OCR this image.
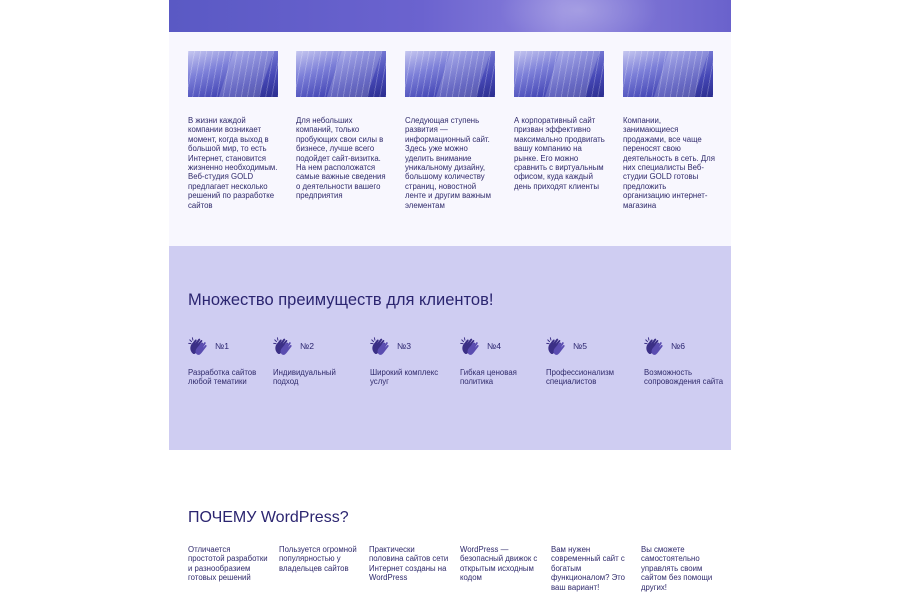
В жизни каждой компании возникает момент, когда выход в большой мир, то есть Интернет, становится жизненно необходимым. Веб-студия GOLD предлагает несколько решений по разработке сайтов
Для небольших компаний, только пробующих свои силы в бизнесе, лучше всего подойдет сайт-визитка. На нем расположатся самые важные сведения о деятельности вашего предприятия
Следующая ступень развития — информационный сайт. Здесь уже можно уделить внимание уникальному дизайну, большому количеству страниц, новостной ленте и другим важным элементам
А корпоративный сайт призван эффективно максимально продвигать вашу компанию на рынке. Его можно сравнить с виртуальным офисом, куда каждый день приходят клиенты
Компании, занимающиеся продажами, все чаще переносят свою деятельность в сеть. Для них специалисты Веб-студии GOLD готовы предложить организацию интернет-магазина
Множество преимуществ для клиентов!
№1
Разработка сайтов любой тематики
№2
Индивидуальный подход
№3
Широкий комплекс услуг
№4
Гибкая ценовая политика
№5
Профессионализм специалистов
№6
Возможность сопровождения сайта
ПОЧЕМУ WordPress?
Отличается простотой разработки и разнообразием готовых решений
Пользуется огромной популярностью у владельцев сайтов
Практически половина сайтов сети Интернет созданы на WordPress
WordPress — безопасный движок с открытым исходным кодом
Вам нужен современный сайт с богатым функционалом? Это ваш вариант!
Вы сможете самостоятельно управлять своим сайтом без помощи других!
